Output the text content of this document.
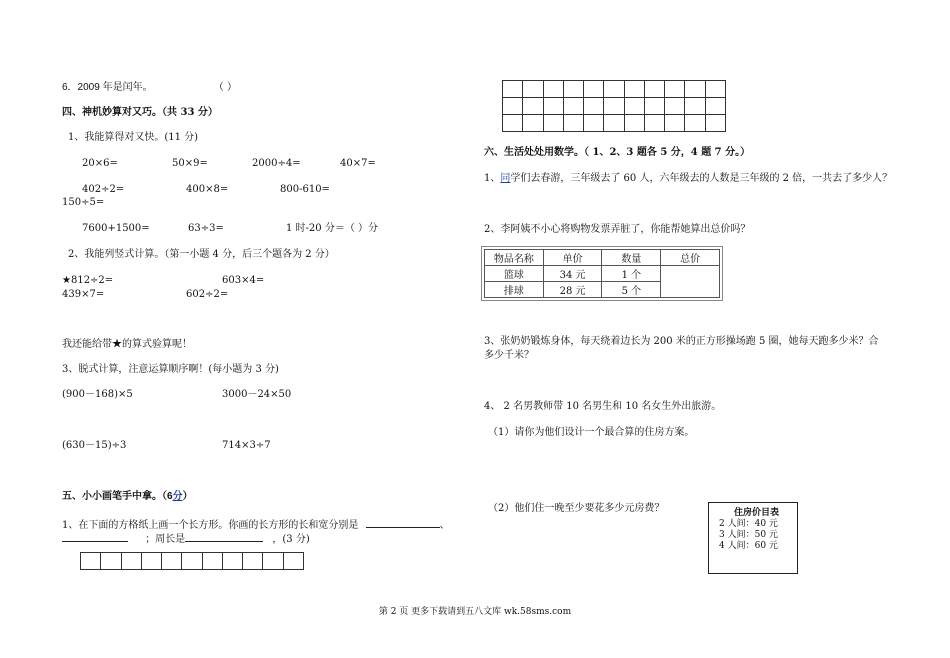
6．2009 年是闰年。	（ ）
四、神机妙算对又巧。（共 33 分）
1、我能算得对又快。(11 分)
20×6=	50×9=	2000÷4=	40×7=
402÷2=	400×8=	800-610=
150÷5=
7600+1500=	63÷3=	1 时-20 分＝（ ）分
2、我能列竖式计算。（第一小题 4 分，后三个题各为 2 分）
★812÷2=	603×4=
439×7=	602÷2=
我还能给带★的算式验算呢！
3、脱式计算，注意运算顺序啊！(每小题为 3 分)
(900－168)×5	3000－24×50
(630－15)÷3	714×3÷7
五、小小画笔手中拿。（6分）
1、在下面的方格纸上画一个长方形。你画的长方形的长和宽分别是	、
；周长是	，(3 分)

六、生活处处用数学。（ 1、2、3 题各 5 分，4 题 7 分。）
1、同学们去春游，三年级去了 60 人，六年级去的人数是三年级的 2 倍，一共去了多少人？
2、李阿姨不小心将购物发票弄脏了，你能帮她算出总价吗？
物品名称	单价	数量	总价
篮球	34 元	1 个	
排球	28 元	5 个	
3、张奶奶锻炼身体，每天绕着边长为 200 米的正方形操场跑 5 圈，她每天跑多少米？合
多少千米？
4、 2 名男教师带 10 名男生和 10 名女生外出旅游。
（1）请你为他们设计一个最合算的住房方案。
（2）他们住一晚至少要花多少元房费？	住房价目表
2 人间：40 元
3 人间：50 元
4 人间：60 元
第 2 页 更多下载请到五八文库 wk.58sms.com
